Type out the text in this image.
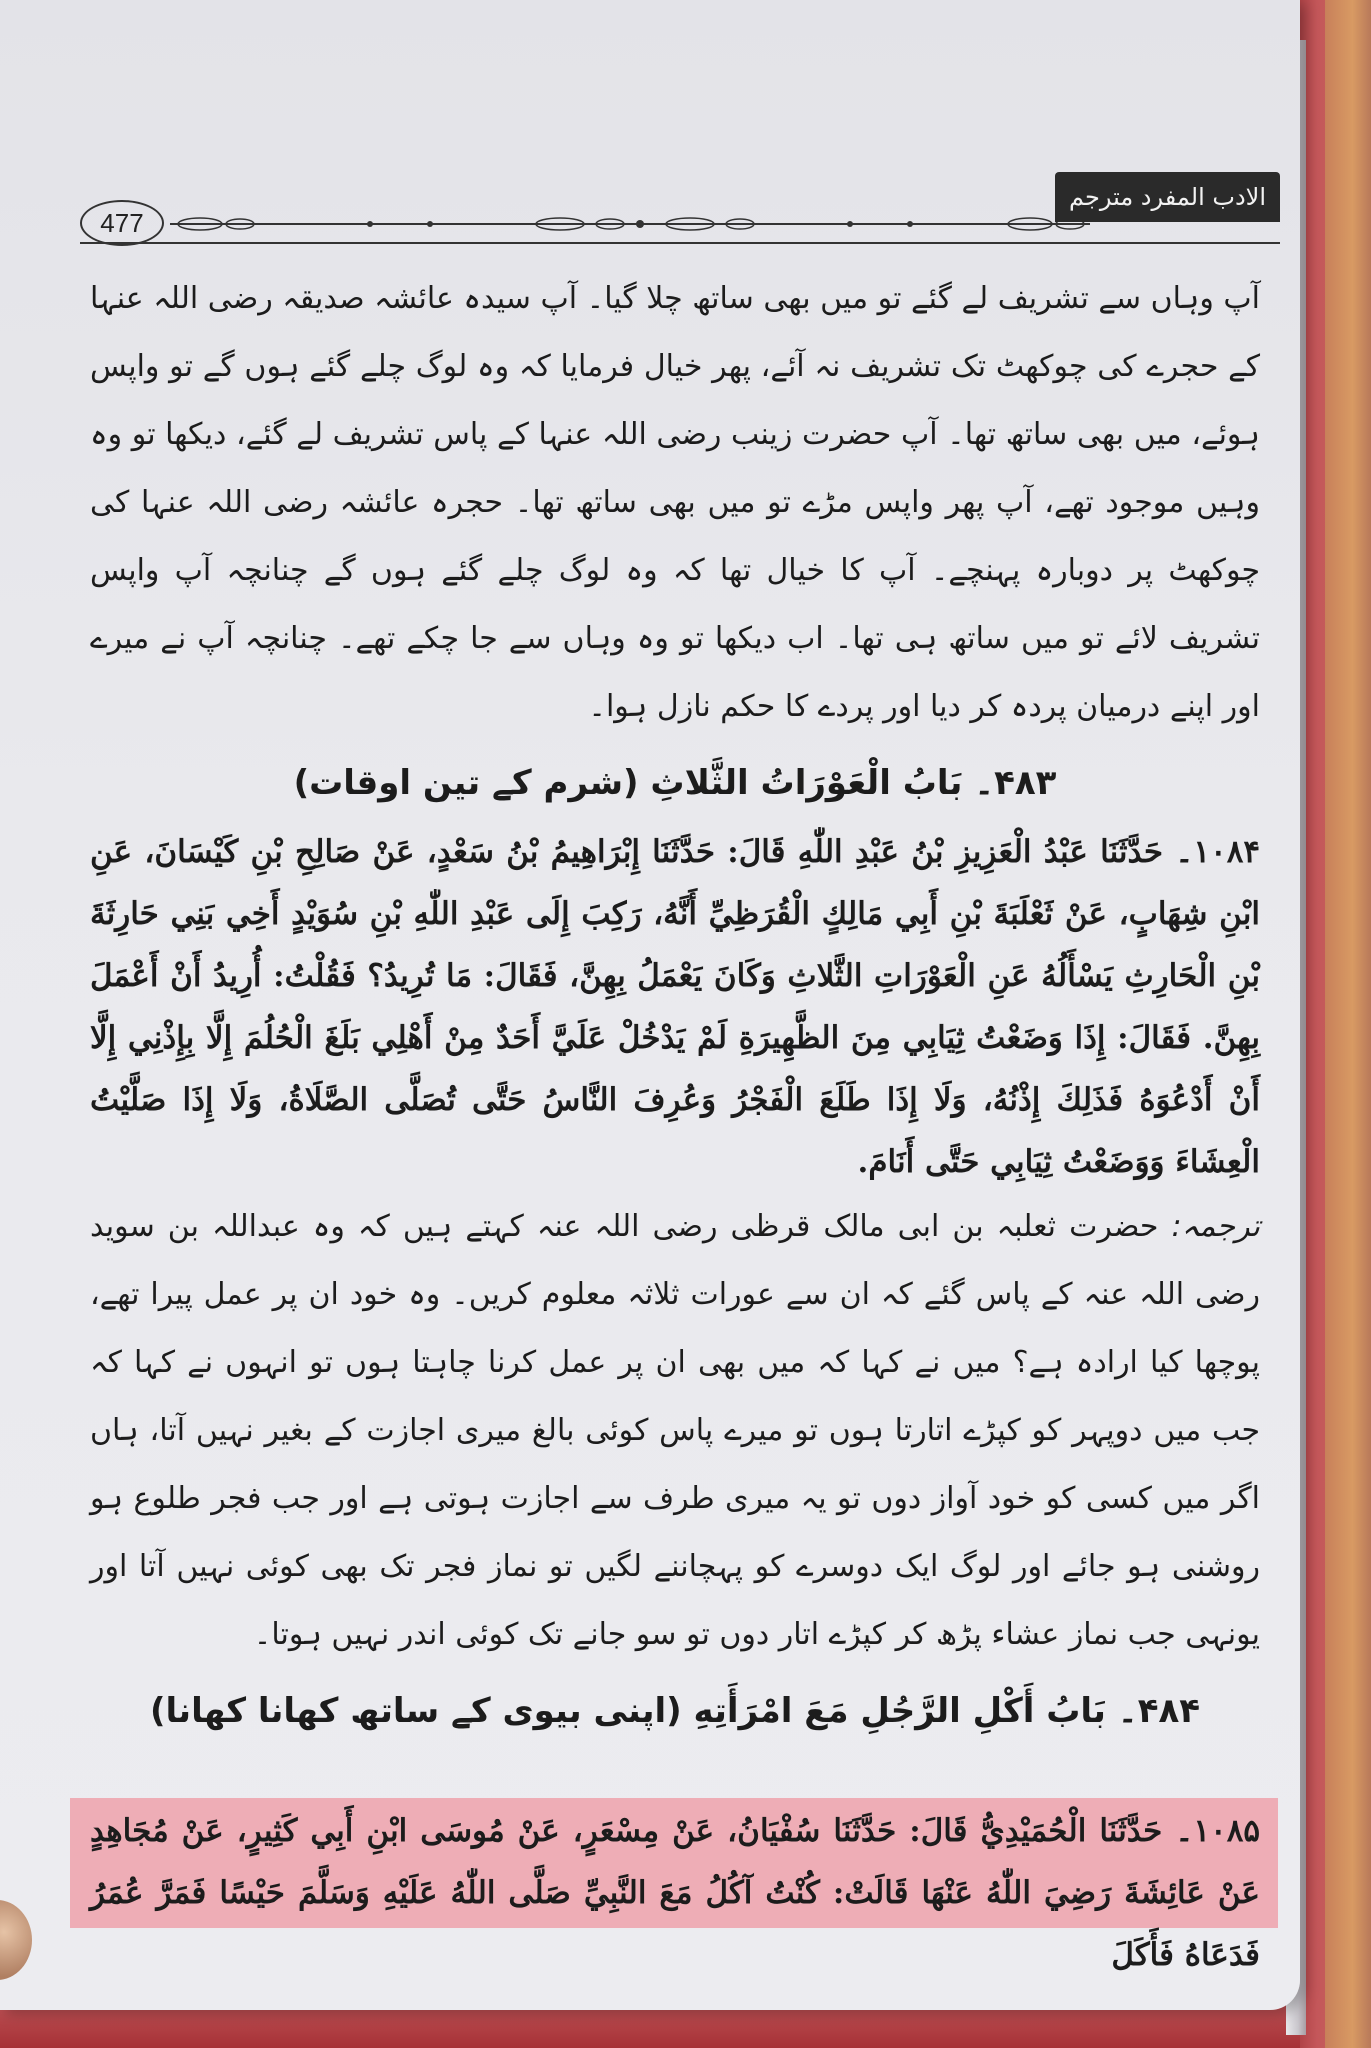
477
الادب المفرد مترجم

آپ وہاں سے تشریف لے گئے تو میں بھی ساتھ چلا گیا۔ آپ سیدہ عائشہ صدیقہ رضی اللہ عنہا کے حجرے کی چوکھٹ تک تشریف نہ آئے، پھر خیال فرمایا کہ وہ لوگ چلے گئے ہوں گے تو واپس ہوئے، میں بھی ساتھ تھا۔ آپ حضرت زینب رضی اللہ عنہا کے پاس تشریف لے گئے، دیکھا تو وہ وہیں موجود تھے، آپ پھر واپس مڑے تو میں بھی ساتھ تھا۔ حجرہ عائشہ رضی اللہ عنہا کی چوکھٹ پر دوبارہ پہنچے۔ آپ کا خیال تھا کہ وہ لوگ چلے گئے ہوں گے چنانچہ آپ واپس تشریف لائے تو میں ساتھ ہی تھا۔ اب دیکھا تو وہ وہاں سے جا چکے تھے۔ چنانچہ آپ نے میرے اور اپنے درمیان پردہ کر دیا اور پردے کا حکم نازل ہوا۔

۴۸۳۔ بَابُ الْعَوْرَاتُ الثَّلاثِ (شرم کے تین اوقات)

۱۰۸۴۔ حَدَّثَنَا عَبْدُ الْعَزِيزِ بْنُ عَبْدِ اللّٰهِ قَالَ: حَدَّثَنَا إِبْرَاهِيمُ بْنُ سَعْدٍ، عَنْ صَالِحِ بْنِ كَيْسَانَ، عَنِ ابْنِ شِهَابٍ، عَنْ ثَعْلَبَةَ بْنِ أَبِي مَالِكٍ الْقُرَظِيِّ أَنَّهُ، رَكِبَ إِلَى عَبْدِ اللّٰهِ بْنِ سُوَيْدٍ أَخِي بَنِي حَارِثَةَ بْنِ الْحَارِثِ يَسْأَلُهُ عَنِ الْعَوْرَاتِ الثَّلاثِ وَكَانَ يَعْمَلُ بِهِنَّ، فَقَالَ: مَا تُرِيدُ؟ فَقُلْتُ: أُرِيدُ أَنْ أَعْمَلَ بِهِنَّ. فَقَالَ: إِذَا وَضَعْتُ ثِيَابِي مِنَ الظَّهِيرَةِ لَمْ يَدْخُلْ عَلَيَّ أَحَدٌ مِنْ أَهْلِي بَلَغَ الْحُلُمَ إِلَّا بِإِذْنِي إِلَّا أَنْ أَدْعُوَهُ فَذَلِكَ إِذْنُهُ، وَلَا إِذَا طَلَعَ الْفَجْرُ وَعُرِفَ النَّاسُ حَتَّى تُصَلَّى الصَّلَاةُ، وَلَا إِذَا صَلَّيْتُ الْعِشَاءَ وَوَضَعْتُ ثِيَابِي حَتَّى أَنَامَ.

ترجمہ: حضرت ثعلبہ بن ابی مالک قرظی رضی اللہ عنہ کہتے ہیں کہ وہ عبداللہ بن سوید رضی اللہ عنہ کے پاس گئے کہ ان سے عورات ثلاثہ معلوم کریں۔ وہ خود ان پر عمل پیرا تھے، پوچھا کیا ارادہ ہے؟ میں نے کہا کہ میں بھی ان پر عمل کرنا چاہتا ہوں تو انہوں نے کہا کہ جب میں دوپہر کو کپڑے اتارتا ہوں تو میرے پاس کوئی بالغ میری اجازت کے بغیر نہیں آتا، ہاں اگر میں کسی کو خود آواز دوں تو یہ میری طرف سے اجازت ہوتی ہے اور جب فجر طلوع ہو روشنی ہو جائے اور لوگ ایک دوسرے کو پہچاننے لگیں تو نماز فجر تک بھی کوئی نہیں آتا اور یونہی جب نماز عشاء پڑھ کر کپڑے اتار دوں تو سو جانے تک کوئی اندر نہیں ہوتا۔

۴۸۴۔ بَابُ أَكْلِ الرَّجُلِ مَعَ امْرَأَتِهِ (اپنی بیوی کے ساتھ کھانا کھانا)

۱۰۸۵۔ حَدَّثَنَا الْحُمَيْدِيُّ قَالَ: حَدَّثَنَا سُفْيَانُ، عَنْ مِسْعَرٍ، عَنْ مُوسَى ابْنِ أَبِي كَثِيرٍ، عَنْ مُجَاهِدٍ عَنْ عَائِشَةَ رَضِيَ اللّٰهُ عَنْهَا قَالَتْ: كُنْتُ آكُلُ مَعَ النَّبِيِّ صَلَّى اللّٰهُ عَلَيْهِ وَسَلَّمَ حَيْسًا فَمَرَّ عُمَرُ فَدَعَاهُ فَأَكَلَ
